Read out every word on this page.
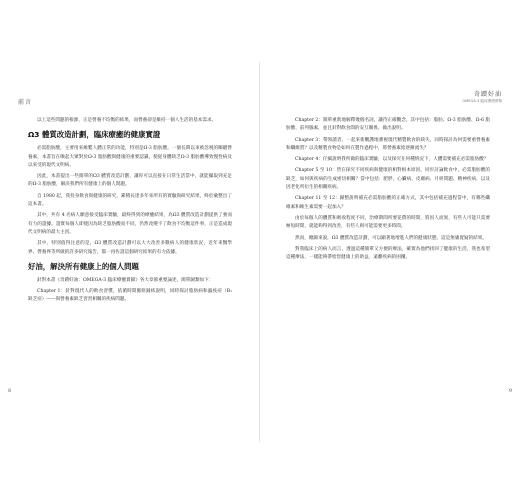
前言

以上這些問題的根源，正是營養不均衡的結果，而營養卻是維持一個人生活的基本需求。

Ω3 體質改造計劃，臨床療癒的健康實證

必需脂肪酸，主要用來維繫人體正常的功能，特別是Ω-3 脂肪酸。一個長期以來被忽視的關鍵營養素，本書旨在喚起大眾對於Ω-3 脂肪酸與健康的重要認識，使從身體缺乏Ω-3 脂肪酸導致慢性病及以來受的現代文明病。

因此，本書提出一些簡單的Ω3 體質改造計劃，讓你可以直接在日常生活當中，就能攝取到充足的Ω-3 脂肪酸，解決我們所有健康上的個人問題。

自 1980 起，我投身飲食與健康的研究，累積長達多年來所有的實驗與研究結果，終於彙整出了這本書。

其中，共有 4 名病人願意接受臨床實驗，最終得到的療癒結果，為Ω3 體質改造計劃提供了強而有力的證據。證實每個人即使因為缺乏脂肪酸而不同，仍然改變不了飲食不均衡這件事，正是造成現代文明病的最大主因。

其中，特別值得注意的是，Ω3 體質改造計劃可以大大改善多數病人的健康狀況，近年來醫學界、營養界等所做的許多研究報告，都一再佐證這個研究結果的有力依據。

好油，解決所有健康上的個人問題

針對本書《奇蹟好油：OMEGA-3 臨床療癒實錄》各大章節重要論述，簡單歸類如下：

Chapter 1：針對現代人的飲食習慣，依循時間脈絡歸結說明，同時探討脂肪病和蟲疫症（B₁ 缺乏症）——與營養素缺乏習習相關的疾病問題。

8
奇蹟好油
OMEGA-3 臨床療癒實錄

Chapter 2：簡單重新地解釋幾個名詞，讓待正確觀念，其中包括：脂肪、Ω-3 脂肪酸、Ω-6 脂肪酸、前列腺素，並且針對飲食間的安互關係，做出說明。

Chapter 3：帶領讀者，一起來新觀護地審視現代精製飲食的缺失，同時探討為何需要重營養素和纖維質？以及精製食物是如何在製作過程中，將營養素給逐漸流失？

Chapter 4：仔細說明我所做的臨床實驗，以及探究在何種情況下，人體需要補充必需脂肪酸？

Chapter 5 至 10：皆在探究不同疾病與健康的相對根本原因，同步討論飲食中，必需脂肪酸的缺乏，如何與疾病的生成密切相關？當中包括：肥胖、心臟病、皮膚病、月經問題、精神疾病，以及因老化所衍生的相關疾病。

Chapter 11 至 12：歸整說明補充必需脂肪酸的正確方式，其中包括補充過程當中，有哪些纖維素和維生素需要一起加入？

由於每個人的體質和吸收程度不同，治療期間所要花費的時間，將因人而異，有些人可能只需要極短時間，就能夠得到改善，有些人則可能需要更多時間。

然而，總歸來說，Ω3 體質改造計劃，可以顯著地增進人們的健康狀態，這是無庸置疑的結果。

對我臨床上的病人而言，透過這種簡單又方便的療法，確實為他們找回了健康的生活，我也希望這種療法，一樣能夠帶給您健康上的助益，遠離疾病的困擾。

9
